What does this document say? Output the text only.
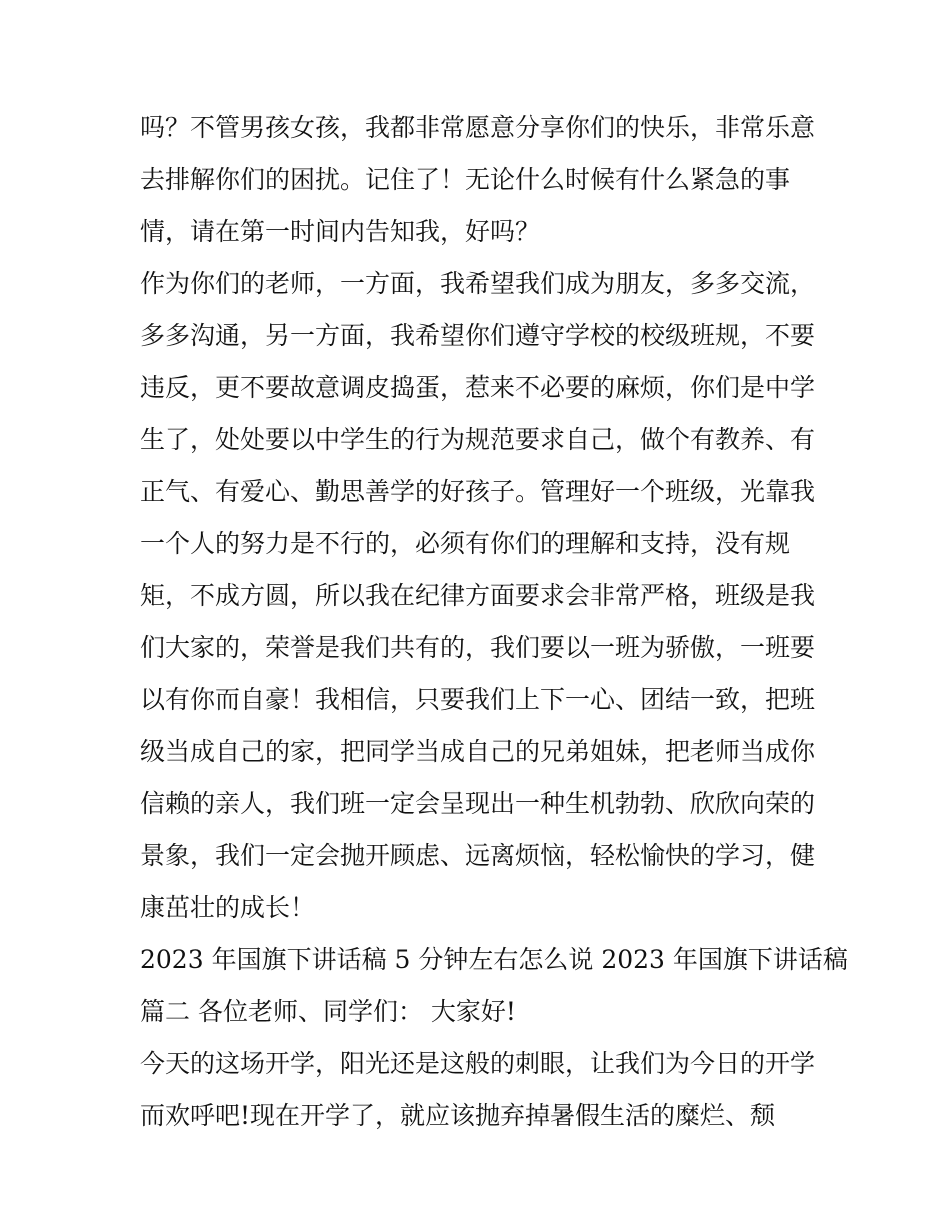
吗？不管男孩女孩，我都非常愿意分享你们的快乐，非常乐意
去排解你们的困扰。记住了！无论什么时候有什么紧急的事
情，请在第一时间内告知我，好吗？
作为你们的老师，一方面，我希望我们成为朋友，多多交流，
多多沟通，另一方面，我希望你们遵守学校的校级班规，不要
违反，更不要故意调皮捣蛋，惹来不必要的麻烦，你们是中学
生了，处处要以中学生的行为规范要求自己，做个有教养、有
正气、有爱心、勤思善学的好孩子。管理好一个班级，光靠我
一个人的努力是不行的，必须有你们的理解和支持，没有规
矩，不成方圆，所以我在纪律方面要求会非常严格，班级是我
们大家的，荣誉是我们共有的，我们要以一班为骄傲，一班要
以有你而自豪！我相信，只要我们上下一心、团结一致，把班
级当成自己的家，把同学当成自己的兄弟姐妹，把老师当成你
信赖的亲人，我们班一定会呈现出一种生机勃勃、欣欣向荣的
景象，我们一定会抛开顾虑、远离烦恼，轻松愉快的学习，健
康茁壮的成长！
2023 年国旗下讲话稿 5 分钟左右怎么说 2023 年国旗下讲话稿
篇二 各位老师、同学们： 大家好!
今天的这场开学，阳光还是这般的刺眼，让我们为今日的开学
而欢呼吧!现在开学了，就应该抛弃掉暑假生活的糜烂、颓
